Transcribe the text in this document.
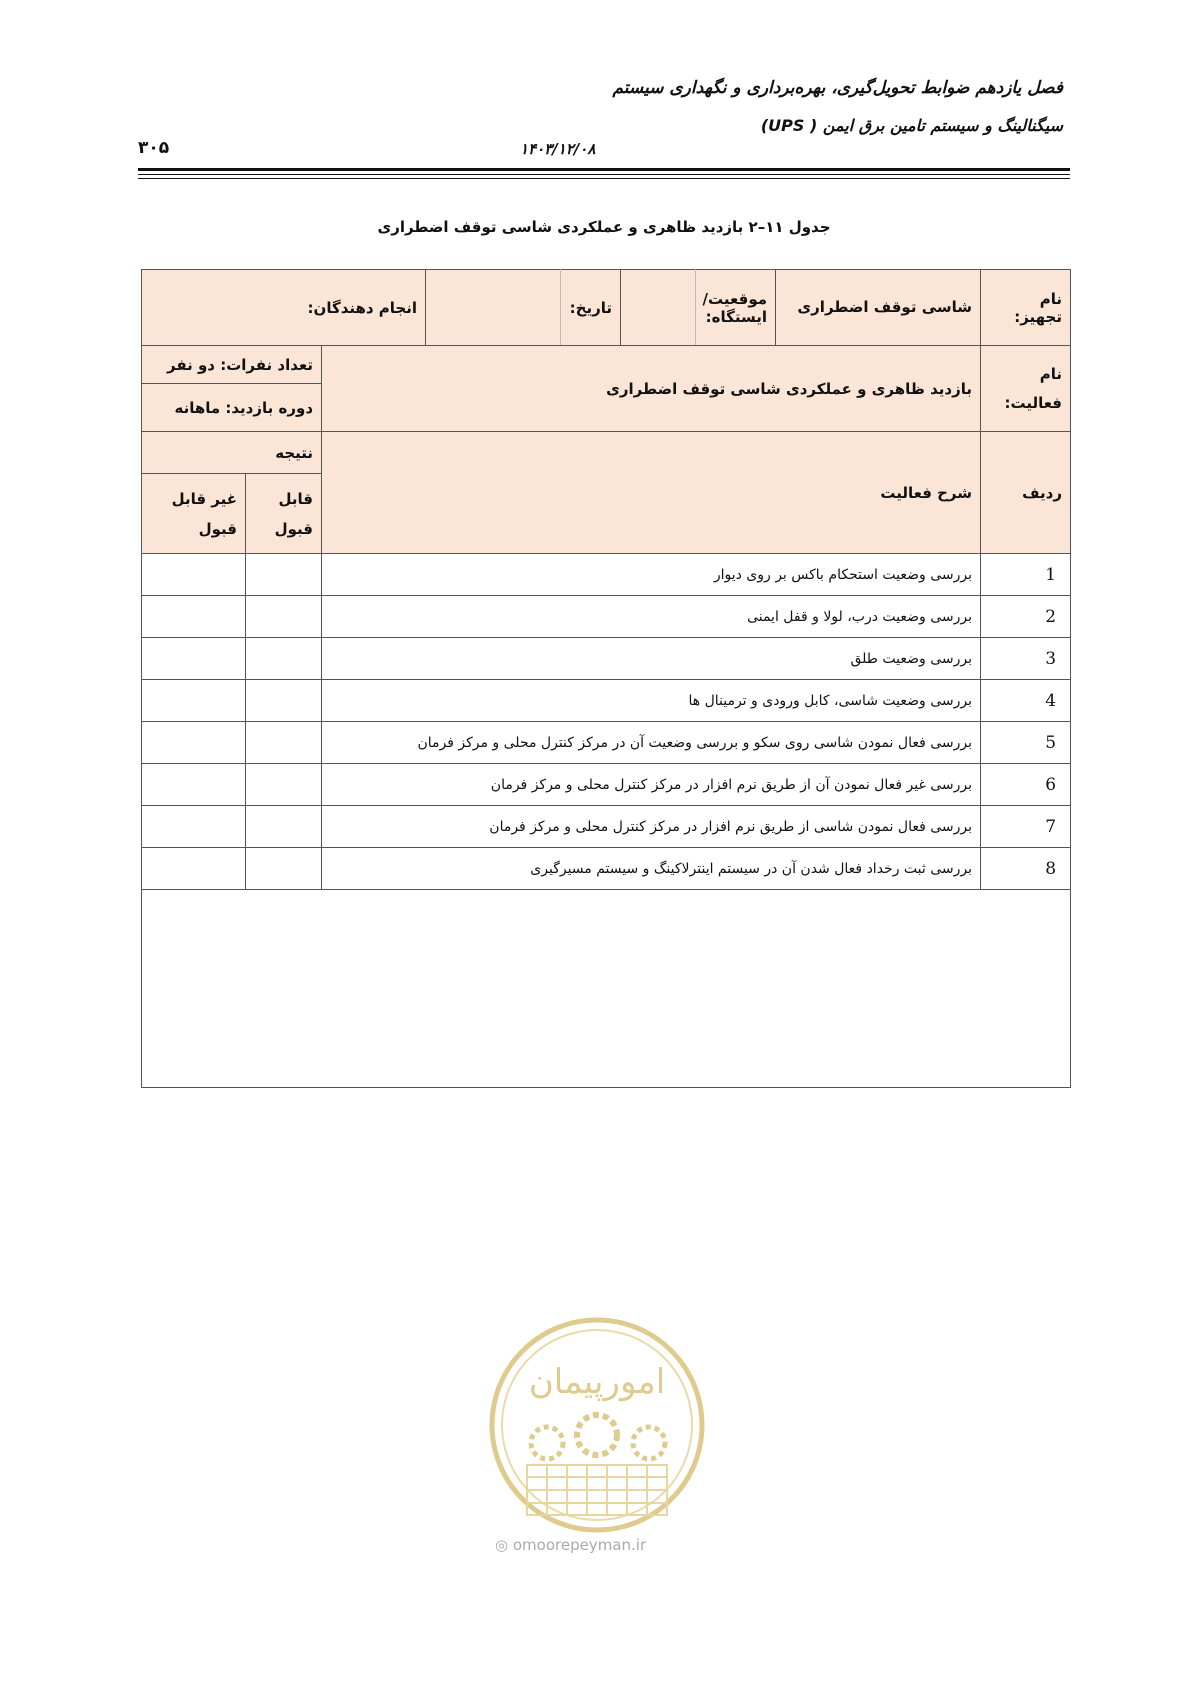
فصل یازدهم ضوابط تحویل‌گیری، بهره‌برداری و نگهداری سیستم
سیگنالینگ و سیستم تامین برق ایمن ( UPS)
۱۴۰۳/۱۲/۰۸
۳۰۵
جدول ۱۱–۲ بازدید ظاهری و عملکردی شاسی توقف اضطراری
نام تجهیز:	شاسی توقف اضطراری	موقعیت/ایستگاه:		تاریخ:		انجام دهندگان:		
نام فعالیت:	بازدید ظاهری و عملکردی شاسی توقف اضطراری						تعداد نفرات: دو نفر	
							دوره بازدید: ماهانه	
ردیف	شرح فعالیت						نتیجه	
							قابل قبول	غیر قابل قبول
1	بررسی وضعیت استحکام باکس بر روی دیوار							
2	بررسی وضعیت درب، لولا و قفل ایمنی							
3	بررسی وضعیت طلق							
4	بررسی وضعیت شاسی، کابل ورودی و ترمینال ها							
5	بررسی فعال نمودن شاسی روی سکو و بررسی وضعیت آن در مرکز کنترل محلی و مرکز فرمان							
6	بررسی غیر فعال نمودن آن از طریق نرم افزار در مرکز کنترل محلی و مرکز فرمان							
7	بررسی فعال نمودن شاسی از طریق نرم افزار در مرکز کنترل محلی و مرکز فرمان							
8	بررسی ثبت رخداد فعال شدن آن در سیستم اینترلاکینگ و سیستم مسیرگیری							

امورپیمان
◎ omoorepeyman.ir
